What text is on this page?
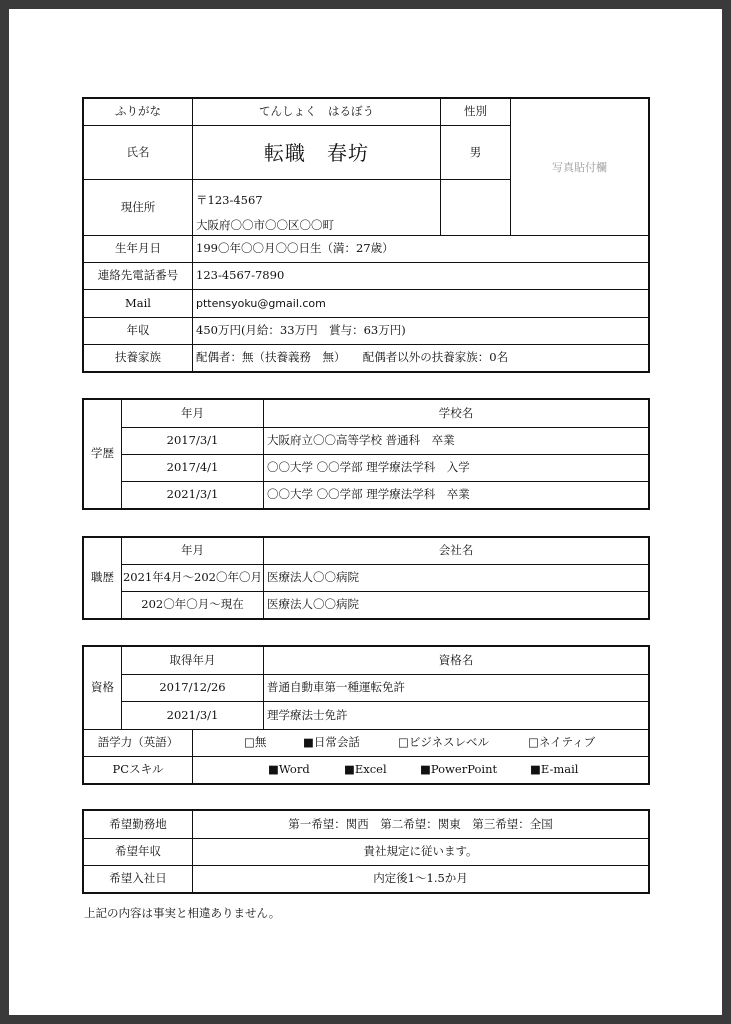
ふりがな	てんしょく　はるぼう	性別
氏名	転職　春坊	男
写真貼付欄
現住所	〒123-4567
大阪府〇〇市〇〇区〇〇町
生年月日	199〇年〇〇月〇〇日生（満：27歳）
連絡先電話番号	123-4567-7890
Mail	pttensyoku@gmail.com
年収	450万円(月給：33万円　賞与：63万円)
扶養家族	配偶者：無（扶養義務　無）　　配偶者以外の扶養家族：0名
学歴
年月	学校名
2017/3/1	大阪府立〇〇高等学校 普通科　卒業
2017/4/1	〇〇大学 〇〇学部 理学療法学科　入学
2021/3/1	〇〇大学 〇〇学部 理学療法学科　卒業
職歴
年月	会社名
2021年4月～202〇年〇月 医療法人〇〇病院
202〇年〇月～現在	医療法人〇〇病院
資格
取得年月	資格名
2017/12/26	普通自動車第一種運転免許
2021/3/1	理学療法士免許
語学力（英語）	□無	■日常会話	□ビジネスレベル	□ネイティブ
PCスキル	■Word	■Excel	■PowerPoint	■E-mail
希望勤務地	第一希望：関西　第二希望：関東　第三希望：全国
希望年収	貴社規定に従います。
希望入社日	内定後1～1.5か月
上記の内容は事実と相違ありません。
